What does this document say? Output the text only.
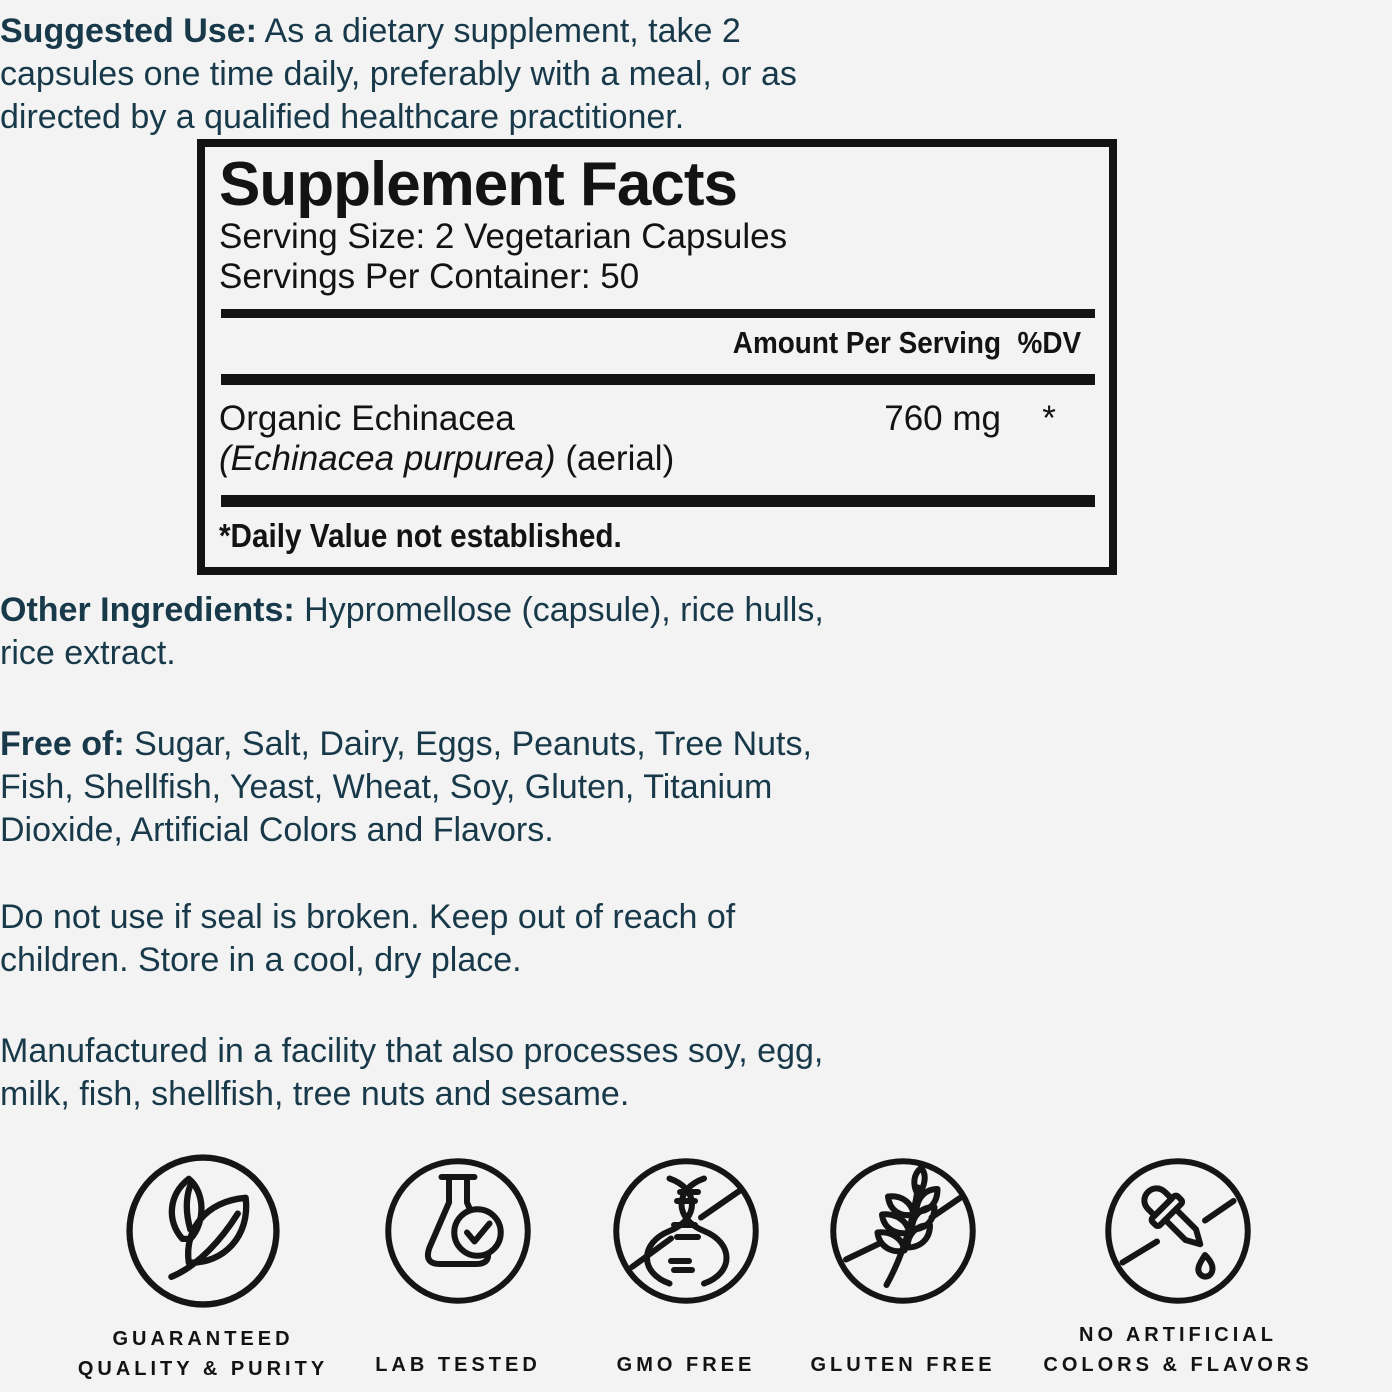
Suggested Use: As a dietary supplement, take 2
capsules one time daily, preferably with a meal, or as
directed by a qualified healthcare practitioner.

Supplement Facts
Serving Size: 2 Vegetarian Capsules
Servings Per Container: 50
Amount Per Serving %DV
Organic Echinacea	760 mg	*
(Echinacea purpurea) (aerial)
*Daily Value not established.

Other Ingredients: Hypromellose (capsule), rice hulls,
rice extract.

Free of: Sugar, Salt, Dairy, Eggs, Peanuts, Tree Nuts,
Fish, Shellfish, Yeast, Wheat, Soy, Gluten, Titanium
Dioxide, Artificial Colors and Flavors.

Do not use if seal is broken. Keep out of reach of
children. Store in a cool, dry place.

Manufactured in a facility that also processes soy, egg,
milk, fish, shellfish, tree nuts and sesame.

GUARANTEED
QUALITY & PURITY LAB TESTED	GMO FREE	GLUTEN FREE
NO ARTIFICIAL
COLORS & FLAVORS
